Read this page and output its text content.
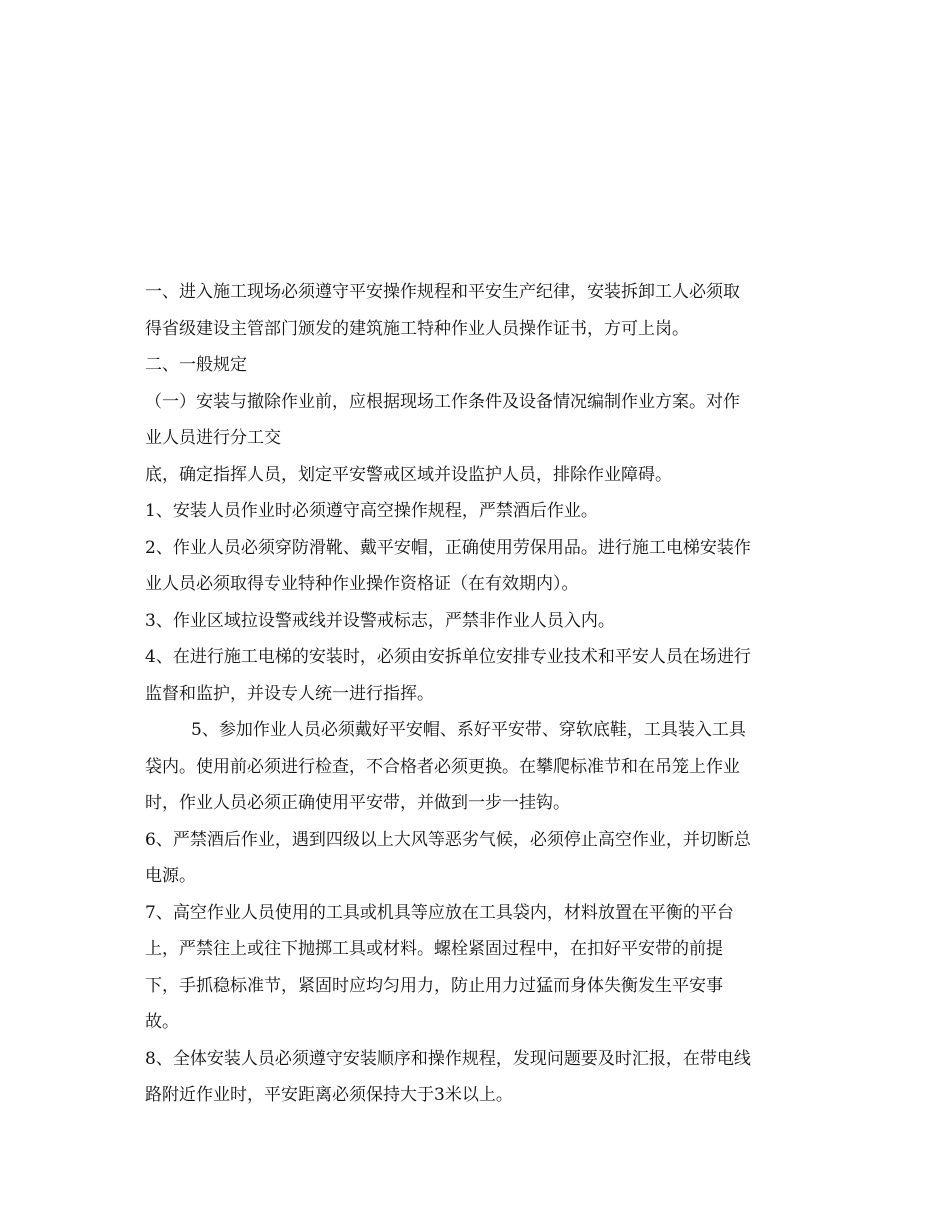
一、进入施工现场必须遵守平安操作规程和平安生产纪律，安装拆卸工人必须取

得省级建设主管部门颁发的建筑施工特种作业人员操作证书，方可上岗。

二、一般规定

（一）安装与撤除作业前，应根据现场工作条件及设备情况编制作业方案。对作

业人员进行分工交

底，确定指挥人员，划定平安警戒区域并设监护人员，排除作业障碍。

1、安装人员作业时必须遵守高空操作规程，严禁酒后作业。

2、作业人员必须穿防滑靴、戴平安帽，正确使用劳保用品。进行施工电梯安装作

业人员必须取得专业特种作业操作资格证（在有效期内）。

3、作业区域拉设警戒线并设警戒标志，严禁非作业人员入内。

4、在进行施工电梯的安装时，必须由安拆单位安排专业技术和平安人员在场进行

监督和监护，并设专人统一进行指挥。

5、参加作业人员必须戴好平安帽、系好平安带、穿软底鞋，工具装入工具

袋内。使用前必须进行检查，不合格者必须更换。在攀爬标准节和在吊笼上作业

时，作业人员必须正确使用平安带，并做到一步一挂钩。

6、严禁酒后作业，遇到四级以上大风等恶劣气候，必须停止高空作业，并切断总

电源。

7、高空作业人员使用的工具或机具等应放在工具袋内，材料放置在平衡的平台

上，严禁往上或往下抛掷工具或材料。螺栓紧固过程中，在扣好平安带的前提

下，手抓稳标准节，紧固时应均匀用力，防止用力过猛而身体失衡发生平安事

故。

8、全体安装人员必须遵守安装顺序和操作规程，发现问题要及时汇报，在带电线

路附近作业时，平安距离必须保持大于3米以上。
